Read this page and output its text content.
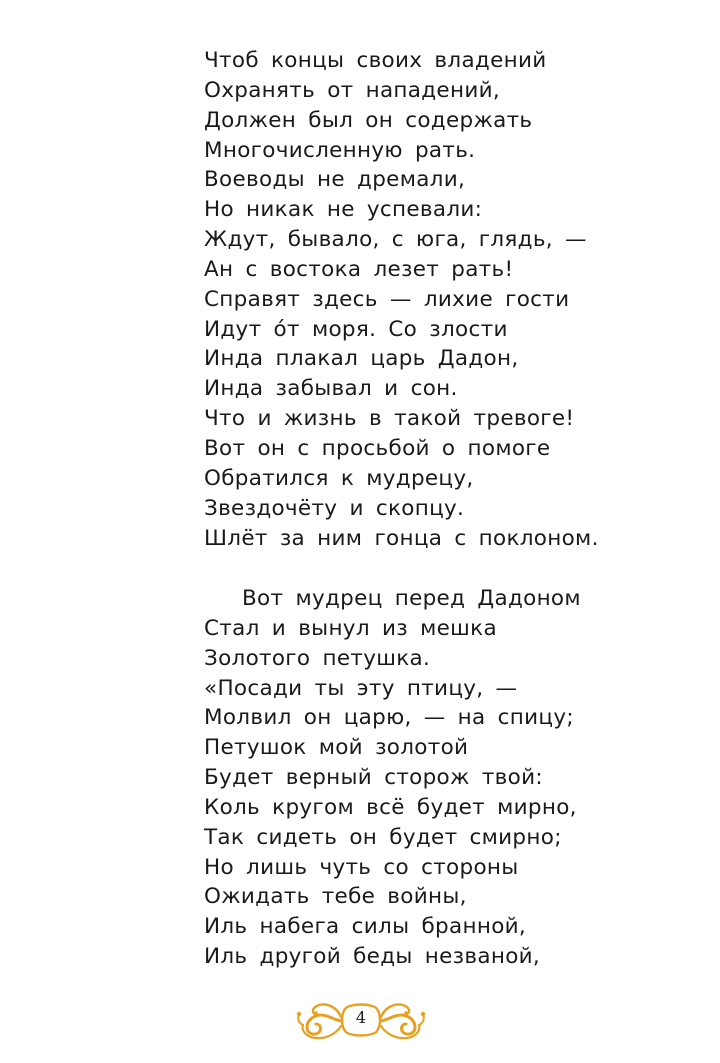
Чтоб концы своих владений
Охранять от нападений,
Должен был он содержать
Многочисленную рать.
Воеводы не дремали,
Но никак не успевали:
Ждут, бывало, с юга, глядь, —
Ан с востока лезет рать!
Справят здесь — лихие гости
Идут о́т моря. Со злости
Инда плакал царь Дадон,
Инда забывал и сон.
Что и жизнь в такой тревоге!
Вот он с просьбой о помоге
Обратился к мудрецу,
Звездочёту и скопцу.
Шлёт за ним гонца с поклоном.
Вот мудрец перед Дадоном
Стал и вынул из мешка
Золотого петушка.
«Посади ты эту птицу, —
Молвил он царю, — на спицу;
Петушок мой золотой
Будет верный сторож твой:
Коль кругом всё будет мирно,
Так сидеть он будет смирно;
Но лишь чуть со стороны
Ожидать тебе войны,
Иль набега силы бранной,
Иль другой беды незваной,
4
